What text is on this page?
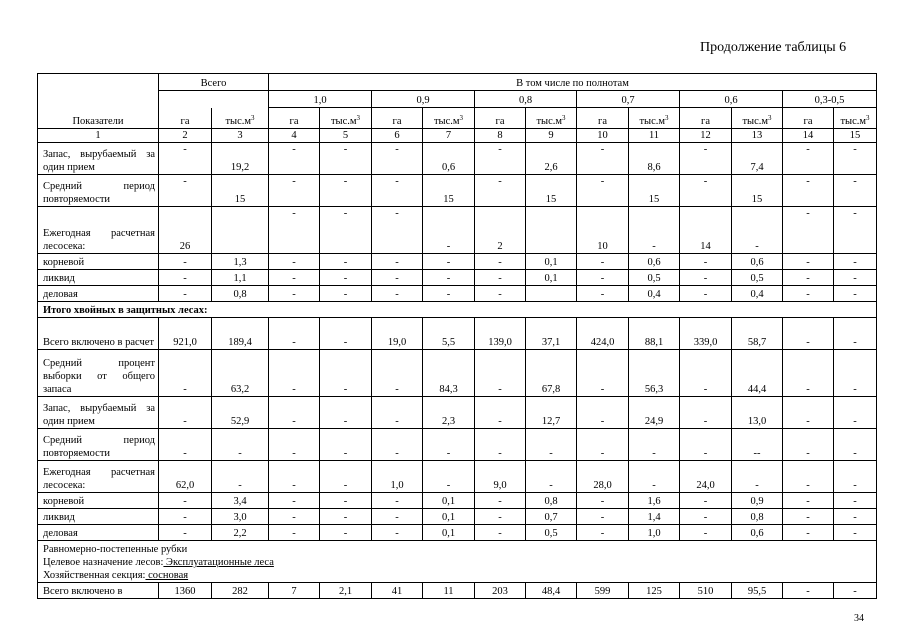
Продолжение таблицы 6
Показатели	Всего		В том числе по полнотам											
			1,0		0,9		0,8		0,7		0,6		0,3-0,5	
	га	$тыс.м^3$	га	$тыс.м^3$	га	$тыс.м^3$	га	$тыс.м^3$	га	$тыс.м^3$	га	$тыс.м^3$	га	$тыс.м^3$
1	2	3	4	5	6	7	8	9	10	11	12	13	14	15
Запас, вырубаемый за один прием	-	19,2	-	-	-	0,6	-	2,6	-	8,6	-	7,4	-	-
Средний период повторяемости	-	15	-	-	-	15	-	15	-	15	-	15	-	-
Ежегодная расчетная лесосека:	26		-	-	-	-	2		10	-	14	-	-	-
корневой	-	1,3	-	-	-	-	-	0,1	-	0,6	-	0,6	-	-
ликвид	-	1,1	-	-	-	-	-	0,1	-	0,5	-	0,5	-	-
деловая	-	0,8	-	-	-	-	-		-	0,4	-	0,4	-	-
Итого хвойных в защитных лесах:														
Всего включено в расчет	921,0	189,4	-	-	19,0	5,5	139,0	37,1	424,0	88,1	339,0	58,7	-	-
Средний процент выборки от общего запаса	-	63,2	-	-	-	84,3	-	67,8	-	56,3	-	44,4	-	-
Запас, вырубаемый за один прием	-	52,9	-	-	-	2,3	-	12,7	-	24,9	-	13,0	-	-
Средний период повторяемости	-	-	-	-	-	-	-	-	-	-	-	--	-	-
Ежегодная расчетная лесосека:	62,0	-	-	-	1,0	-	9,0	-	28,0	-	24,0	-	-	-
корневой	-	3,4	-	-	-	0,1	-	0,8	-	1,6	-	0,9	-	-
ликвид	-	3,0	-	-	-	0,1	-	0,7	-	1,4	-	0,8	-	-
деловая	-	2,2	-	-	-	0,1	-	0,5	-	1,0	-	0,6	-	-

Равномерно-постепенные рубки
Целевое назначение лесов: Эксплуатационные леса
Хозяйственная секция: сосновая														

Всего включено в	1360	282	7	2,1	41	11	203	48,4	599	125	510	95,5	-	-
34
